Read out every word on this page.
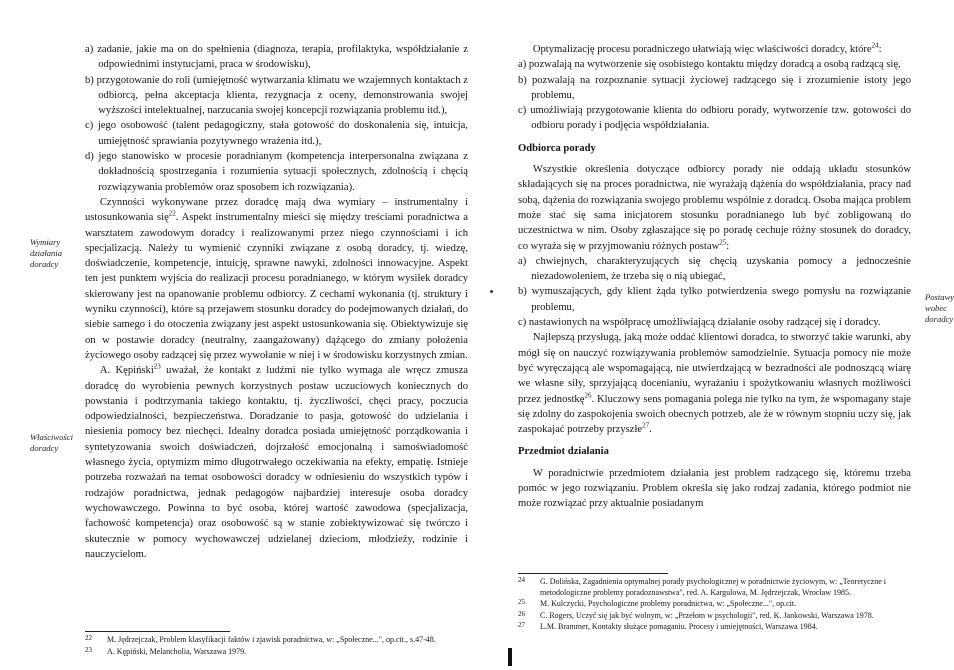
a) zadanie, jakie ma on do spełnienia (diagnoza, terapia, profilaktyka, współdziałanie z odpowiednimi instytucjami, praca w środowisku),

b) przygotowanie do roli (umiejętność wytwarzania klimatu we wzajemnych kontaktach z odbiorcą, pełna akceptacja klienta, rezygnacja z oceny, demonstrowania swojej wyższości intelektualnej, narzucania swojej koncepcji rozwiązania problemu itd.),

c) jego osobowość (talent pedagogiczny, stała gotowość do doskonalenia się, intuicja, umiejętność sprawiania pozytywnego wrażenia itd.),

d) jego stanowisko w procesie poradnianym (kompetencja interpersonalna związana z dokładnością spostrzegania i rozumienia sytuacji społecznych, zdolnością i chęcią rozwiązywania problemów oraz sposobem ich rozwiązania).

Czynności wykonywane przez doradcę mają dwa wymiary – instrumentalny i ustosunkowania się$^{22}$. Aspekt instrumentalny mieści się między treściami poradnictwa a warsztatem zawodowym doradcy i realizowanymi przez niego czynnościami i ich specjalizacją. Należy tu wymienić czynniki związane z osobą doradcy, tj. wiedzę, doświadczenie, kompetencje, intuicję, sprawne nawyki, zdolności innowacyjne. Aspekt ten jest punktem wyjścia do realizacji procesu poradnianego, w którym wysiłek doradcy skierowany jest na opanowanie problemu odbiorcy. Z cechami wykonania (tj. struktury i wyniku czynności), które są przejawem stosunku doradcy do podejmowanych działań, do siebie samego i do otoczenia związany jest aspekt ustosunkowania się. Obiektywizuje się on w postawie doradcy (neutralny, zaangażowany) dążącego do zmiany położenia życiowego osoby radzącej się przez wywołanie w niej i w środowisku korzystnych zmian.

A. Kępiński$^{23}$ uważał, że kontakt z ludźmi nie tylko wymaga ale wręcz zmusza doradcę do wyrobienia pewnych korzystnych postaw uczuciowych koniecznych do powstania i podtrzymania takiego kontaktu, tj. życzliwości, chęci pracy, poczucia odpowiedzialności, bezpieczeństwa. Doradzanie to pasja, gotowość do udzielania i niesienia pomocy bez niechęci. Idealny doradca posiada umiejętność porządkowania i syntetyzowania swoich doświadczeń, dojrzałość emocjonalną i samoświadomość własnego życia, optymizm mimo długotrwałego oczekiwania na efekty, empatię. Istnieje potrzeba rozważań na temat osobowości doradcy w odniesieniu do wszystkich typów i rodzajów poradnictwa, jednak pedagogów najbardziej interesuje osoba doradcy wychowawczego. Powinna to być osoba, której wartość zawodowa (specjalizacja, fachowość kompetencja) oraz osobowość są w stanie zobiektywizować się twórczo i skutecznie w pomocy wychowawczej udzielanej dzieciom, młodzieży, rodzinie i nauczycielom.

Wymiary działania doradcy
Właściwości doradcy
22 M. Jędrzejczak, Problem klasyfikacji faktów i zjawisk poradnictwa, w: „Społeczne...", op.cit., s.47-48.
23 A. Kępiński, Melancholia, Warszawa 1979.

Optymalizację procesu poradniczego ułatwiają więc właściwości doradcy, które$^{24}$:

a) pozwalają na wytworzenie się osobistego kontaktu między doradcą a osobą radzącą się,

b) pozwalają na rozpoznanie sytuacji życiowej radzącego się i zrozumienie istoty jego problemu,

c) umożliwiają przygotowanie klienta do odbioru porady, wytworzenie tzw. gotowości do odbioru porady i podjęcia współdziałania.

Odbiorca porady

Wszystkie określenia dotyczące odbiorcy porady nie oddają układu stosunków składających się na proces poradnictwa, nie wyrażają dążenia do współdziałania, pracy nad sobą, dążenia do rozwiązania swojego problemu wspólnie z doradcą. Osoba mająca problem może stać się sama inicjatorem stosunku poradnianego lub być zobligowaną do uczestnictwa w nim. Osoby zgłaszające się po poradę cechuje różny stosunek do doradcy, co wyraża się w przyjmowaniu różnych postaw$^{25}$:

a) chwiejnych, charakteryzujących się chęcią uzyskania pomocy a jednocześnie niezadowoleniem, że trzeba się o nią ubiegać,

b) wymuszających, gdy klient żąda tylko potwierdzenia swego pomysłu na rozwiązanie problemu,

c) nastawionych na współpracę umożliwiającą działanie osoby radzącej się i doradcy.

Najlepszą przysługą, jaką może oddać klientowi doradca, to stworzyć takie warunki, aby mógł się on nauczyć rozwiązywania problemów samodzielnie. Sytuacja pomocy nie może być wyręczającą ale wspomagającą, nie utwierdzającą w bezradności ale podnoszącą wiarę we własne siły, sprzyjającą docenianiu, wyrażaniu i spożytkowaniu własnych możliwości przez jednostkę$^{26}$. Kluczowy sens pomagania polega nie tylko na tym, że wspomagany staje się zdolny do zaspokojenia swoich obecnych potrzeb, ale że w równym stopniu uczy się, jak zaspokajać potrzeby przyszłe$^{27}$.

Przedmiot działania

W poradnictwie przedmiotem działania jest problem radzącego się, któremu trzeba pomóc w jego rozwiązaniu. Problem określa się jako rodzaj zadania, którego podmiot nie może rozwiązać przy aktualnie posiadanym

Postawy wobec doradcy
24 G. Dolińska, Zagadnienia optymalnej porady psychologicznej w poradnictwie życiowym, w: „Teoretyczne i metodologiczne problemy poradoznawstwa", red. A. Kargulowa, M. Jędrzejczak, Wrocław 1985.
25 M. Kulczycki, Psychologiczne problemy poradnictwa, w: „Społeczne...", op.cit.
26 C. Rogers, Uczyć się jak być wolnym, w: „Przełom w psychologii", red. K. Jankowski, Warszawa 1978.
27 L.M. Brammer, Kontakty służące pomaganiu. Procesy i umiejętności, Warszawa 1984.
